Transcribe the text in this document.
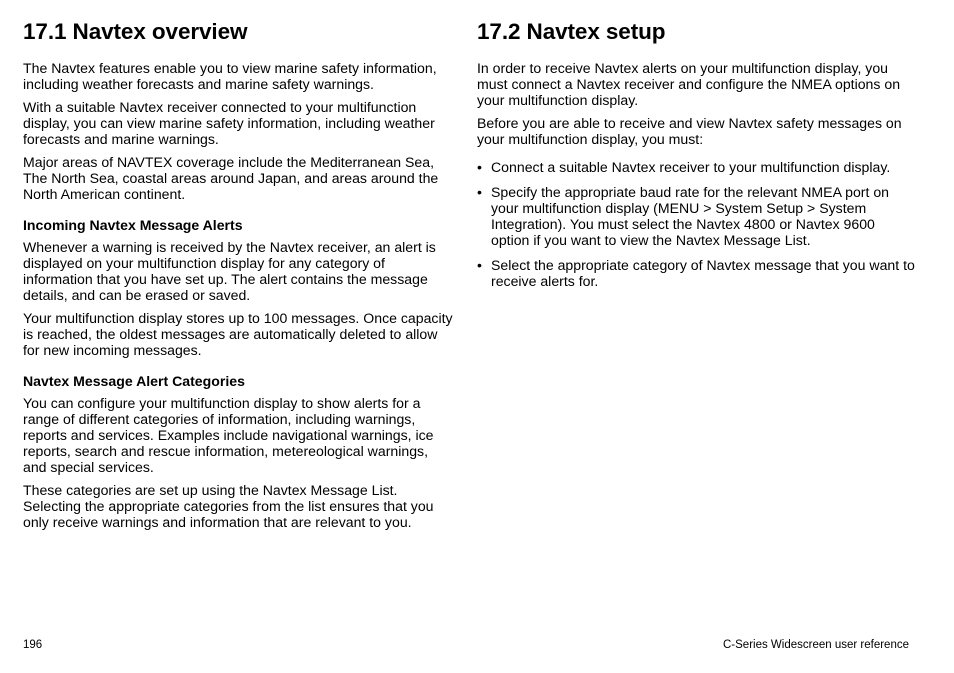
17.1 Navtex overview

The Navtex features enable you to view marine safety information, including weather forecasts and marine safety warnings.

With a suitable Navtex receiver connected to your multifunction display, you can view marine safety information, including weather forecasts and marine warnings.

Major areas of NAVTEX coverage include the Mediterranean Sea, The North Sea, coastal areas around Japan, and areas around the North American continent.

Incoming Navtex Message Alerts

Whenever a warning is received by the Navtex receiver, an alert is displayed on your multifunction display for any category of information that you have set up. The alert contains the message details, and can be erased or saved.

Your multifunction display stores up to 100 messages. Once capacity is reached, the oldest messages are automatically deleted to allow for new incoming messages.

Navtex Message Alert Categories

You can configure your multifunction display to show alerts for a range of different categories of information, including warnings, reports and services. Examples include navigational warnings, ice reports, search and rescue information, metereological warnings, and special services.

These categories are set up using the Navtex Message List. Selecting the appropriate categories from the list ensures that you only receive warnings and information that are relevant to you.

17.2 Navtex setup

In order to receive Navtex alerts on your multifunction display, you must connect a Navtex receiver and configure the NMEA options on your multifunction display.

Before you are able to receive and view Navtex safety messages on your multifunction display, you must:

• Connect a suitable Navtex receiver to your multifunction display.
• Specify the appropriate baud rate for the relevant NMEA port on your multifunction display (MENU > System Setup > System Integration). You must select the Navtex 4800 or Navtex 9600 option if you want to view the Navtex Message List.
• Select the appropriate category of Navtex message that you want to receive alerts for.
196	C-Series Widescreen user reference
